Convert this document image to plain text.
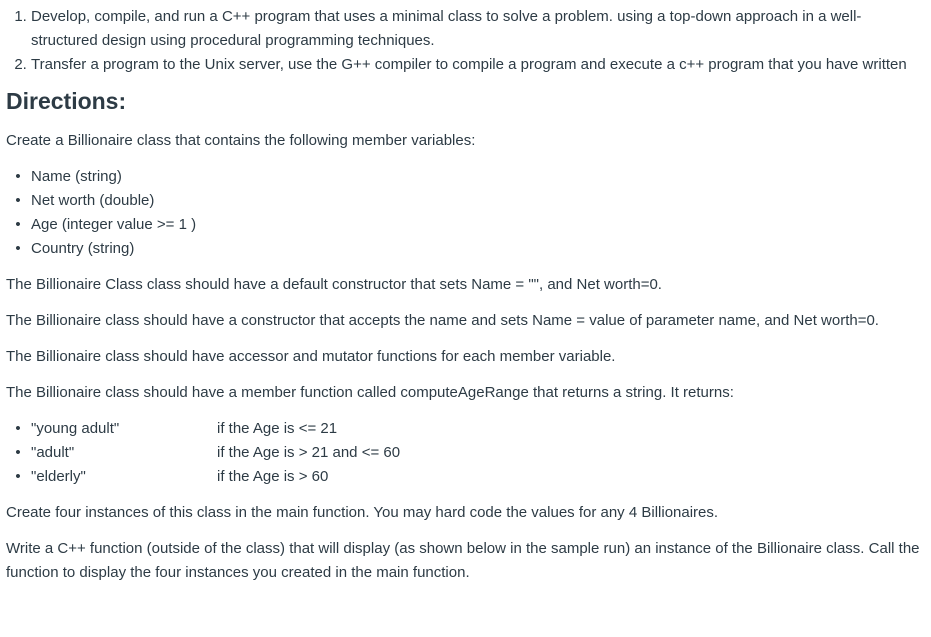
1. Develop, compile, and run a C++ program that uses a minimal class to solve a problem. using a top-down approach in a well-structured design using procedural programming techniques.
2. Transfer a program to the Unix server, use the G++ compiler to compile a program and execute a c++ program that you have written
Directions:

Create a Billionaire class that contains the following member variables:

• Name (string)
• Net worth (double)
• Age (integer value >= 1 )
• Country (string)

The Billionaire Class class should have a default constructor that sets Name = "", and Net worth=0.

The Billionaire class should have a constructor that accepts the name and sets Name = value of parameter name, and Net worth=0.

The Billionaire class should have accessor and mutator functions for each member variable.

The Billionaire class should have a member function called computeAgeRange that returns a string. It returns:

• "young adult"	if the Age is <= 21
• "adult"	if the Age is > 21 and <= 60
• "elderly"	if the Age is > 60

Create four instances of this class in the main function. You may hard code the values for any 4 Billionaires.

Write a C++ function (outside of the class) that will display (as shown below in the sample run) an instance of the Billionaire class. Call the function to display the four instances you created in the main function.
